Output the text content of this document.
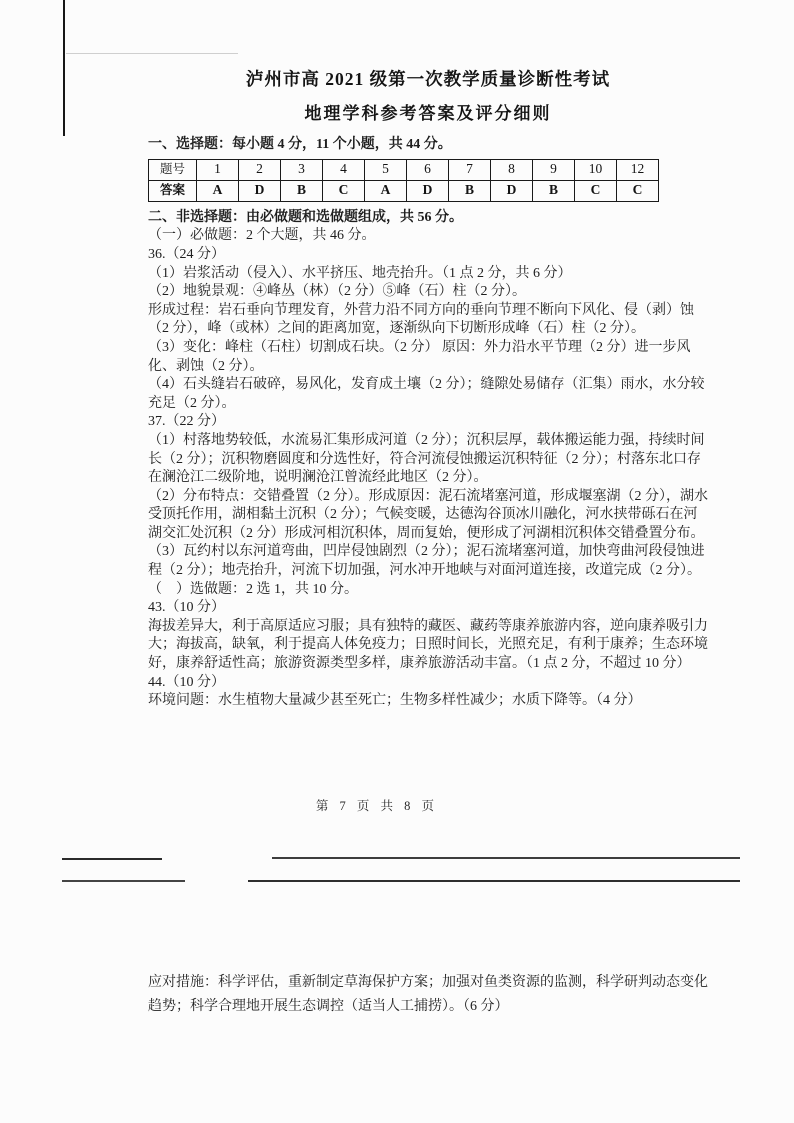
泸州市高 2021 级第一次教学质量诊断性考试
地理学科参考答案及评分细则

一、选择题：每小题 4 分，11 个小题，共 44 分。

题号	1	2	3	4	5	6	7	8	9	10	12
答案	A	D	B	C	A	D	B	D	B	C	C

二、非选择题：由必做题和选做题组成，共 56 分。

（一）必做题：2 个大题，共 46 分。

36.（24 分）

（1）岩浆活动（侵入）、水平挤压、地壳抬升。（1 点 2 分，共 6 分）

（2）地貌景观：④峰丛（林）（2 分）⑤峰（石）柱（2 分）。

形成过程：岩石垂向节理发育，外营力沿不同方向的垂向节理不断向下风化、侵（剥）蚀（2 分），峰（或林）之间的距离加宽，逐渐纵向下切断形成峰（石）柱（2 分）。

（3）变化：峰柱（石柱）切割成石块。（2 分） 原因：外力沿水平节理（2 分）进一步风化、剥蚀（2 分）。

（4）石头缝岩石破碎，易风化，发育成土壤（2 分）；缝隙处易储存（汇集）雨水，水分较充足（2 分）。

37.（22 分）

（1）村落地势较低，水流易汇集形成河道（2 分）；沉积层厚，载体搬运能力强，持续时间长（2 分）；沉积物磨圆度和分选性好，符合河流侵蚀搬运沉积特征（2 分）；村落东北口存在澜沧江二级阶地，说明澜沧江曾流经此地区（2 分）。

（2）分布特点：交错叠置（2 分）。形成原因：泥石流堵塞河道，形成堰塞湖（2 分），湖水受顶托作用，湖相黏土沉积（2 分）；气候变暖，达德沟谷顶冰川融化，河水挟带砾石在河湖交汇处沉积（2 分）形成河相沉积体，周而复始，便形成了河湖相沉积体交错叠置分布。

（3）瓦约村以东河道弯曲，凹岸侵蚀剧烈（2 分）；泥石流堵塞河道，加快弯曲河段侵蚀进程（2 分）；地壳抬升，河流下切加强，河水冲开地峡与对面河道连接，改道完成（2 分）。

（　）选做题：2 选 1，共 10 分。

43.（10 分）

海拔差异大，利于高原适应习服；具有独特的藏医、藏药等康养旅游内容，逆向康养吸引力大；海拔高，缺氧，利于提高人体免疫力；日照时间长，光照充足，有利于康养；生态环境好，康养舒适性高；旅游资源类型多样，康养旅游活动丰富。（1 点 2 分，不超过 10 分）

44.（10 分）

环境问题：水生植物大量减少甚至死亡；生物多样性减少；水质下降等。（4 分）

第 7 页 共 8 页
应对措施：科学评估，重新制定草海保护方案；加强对鱼类资源的监测，科学研判动态变化趋势；科学合理地开展生态调控（适当人工捕捞）。（6 分）
